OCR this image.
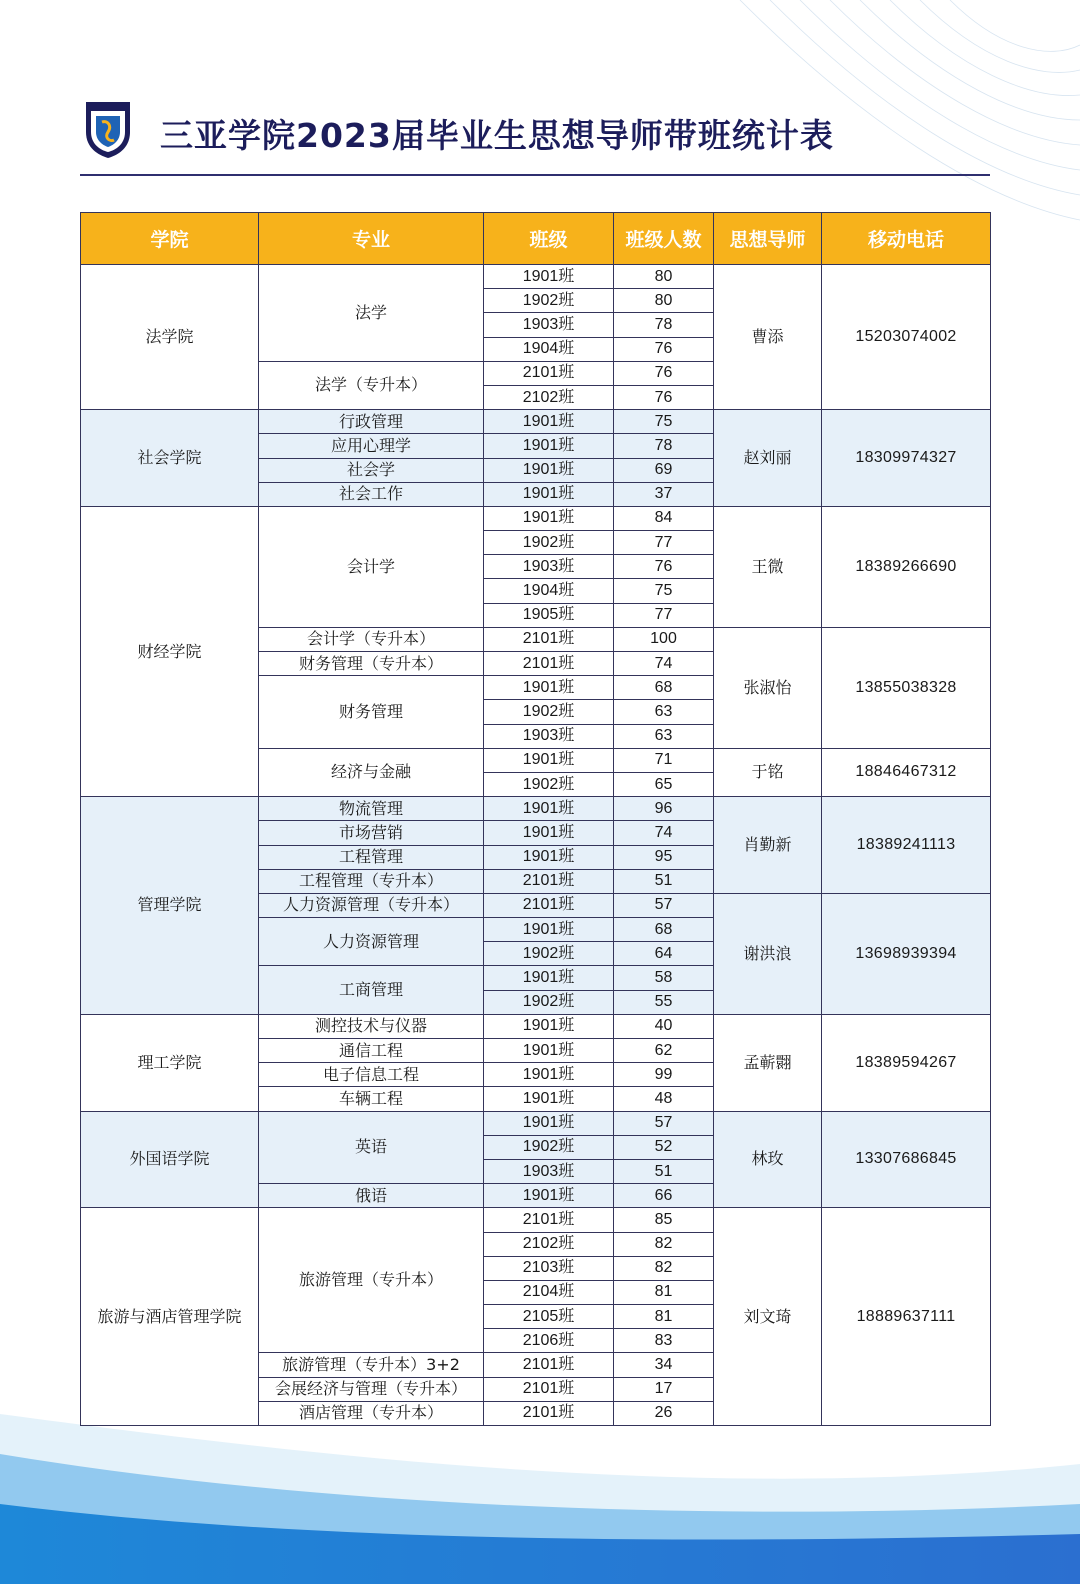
三亚学院2023届毕业生思想导师带班统计表
学院	专业	班级	班级人数	思想导师	移动电话
法学院	法学	1901班	80	曹添	15203074002
		1902班	80		
		1903班	78		
		1904班	76		
	法学（专升本）	2101班	76		
		2102班	76		
社会学院	行政管理	1901班	75	赵刘丽	18309974327
	应用心理学	1901班	78		
	社会学	1901班	69		
	社会工作	1901班	37		
财经学院	会计学	1901班	84	王微	18389266690
		1902班	77		
		1903班	76		
		1904班	75		
		1905班	77		
	会计学（专升本）	2101班	100	张淑怡	13855038328
	财务管理（专升本）	2101班	74		
	财务管理	1901班	68		
		1902班	63		
		1903班	63		
	经济与金融	1901班	71	于铭	18846467312
		1902班	65		
管理学院	物流管理	1901班	96	肖勤新	18389241113
	市场营销	1901班	74		
	工程管理	1901班	95		
	工程管理（专升本）	2101班	51		
	人力资源管理（专升本）	2101班	57	谢洪浪	13698939394
	人力资源管理	1901班	68		
		1902班	64		
	工商管理	1901班	58		
		1902班	55		
理工学院	测控技术与仪器	1901班	40	孟蕲翾	18389594267
	通信工程	1901班	62		
	电子信息工程	1901班	99		
	车辆工程	1901班	48		
外国语学院	英语	1901班	57	林玫	13307686845
		1902班	52		
		1903班	51		
	俄语	1901班	66		
旅游与酒店管理学院	旅游管理（专升本）	2101班	85	刘文琦	18889637111
		2102班	82		
		2103班	82		
		2104班	81		
		2105班	81		
		2106班	83		
	旅游管理（专升本）3+2	2101班	34		
	会展经济与管理（专升本）	2101班	17		
	酒店管理（专升本）	2101班	26		
